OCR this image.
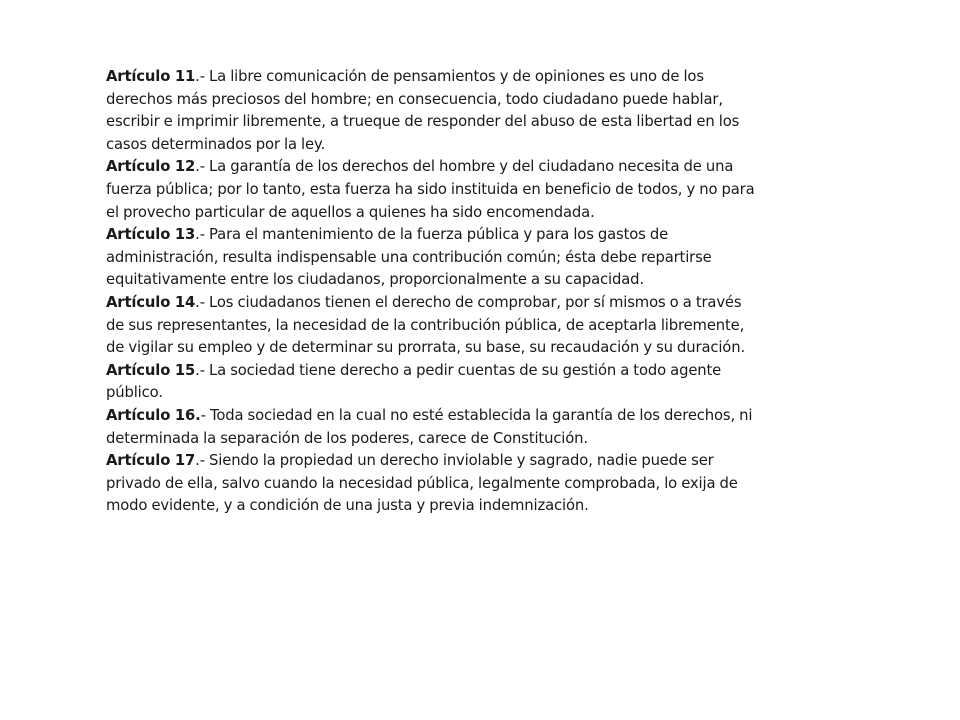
Artículo 11.- La libre comunicación de pensamientos y de opiniones es uno de los derechos más preciosos del hombre; en consecuencia, todo ciudadano puede hablar, escribir e imprimir libremente, a trueque de responder del abuso de esta libertad en los casos determinados por la ley.

Artículo 12.- La garantía de los derechos del hombre y del ciudadano necesita de una fuerza pública; por lo tanto, esta fuerza ha sido instituida en beneficio de todos, y no para el provecho particular de aquellos a quienes ha sido encomendada.

Artículo 13.- Para el mantenimiento de la fuerza pública y para los gastos de administración, resulta indispensable una contribución común; ésta debe repartirse equitativamente entre los ciudadanos, proporcionalmente a su capacidad.

Artículo 14.- Los ciudadanos tienen el derecho de comprobar, por sí mismos o a través de sus representantes, la necesidad de la contribución pública, de aceptarla libremente, de vigilar su empleo y de determinar su prorrata, su base, su recaudación y su duración.

Artículo 15.- La sociedad tiene derecho a pedir cuentas de su gestión a todo agente público.

Artículo 16.- Toda sociedad en la cual no esté establecida la garantía de los derechos, ni determinada la separación de los poderes, carece de Constitución.

Artículo 17.- Siendo la propiedad un derecho inviolable y sagrado, nadie puede ser privado de ella, salvo cuando la necesidad pública, legalmente comprobada, lo exija de modo evidente, y a condición de una justa y previa indemnización.
